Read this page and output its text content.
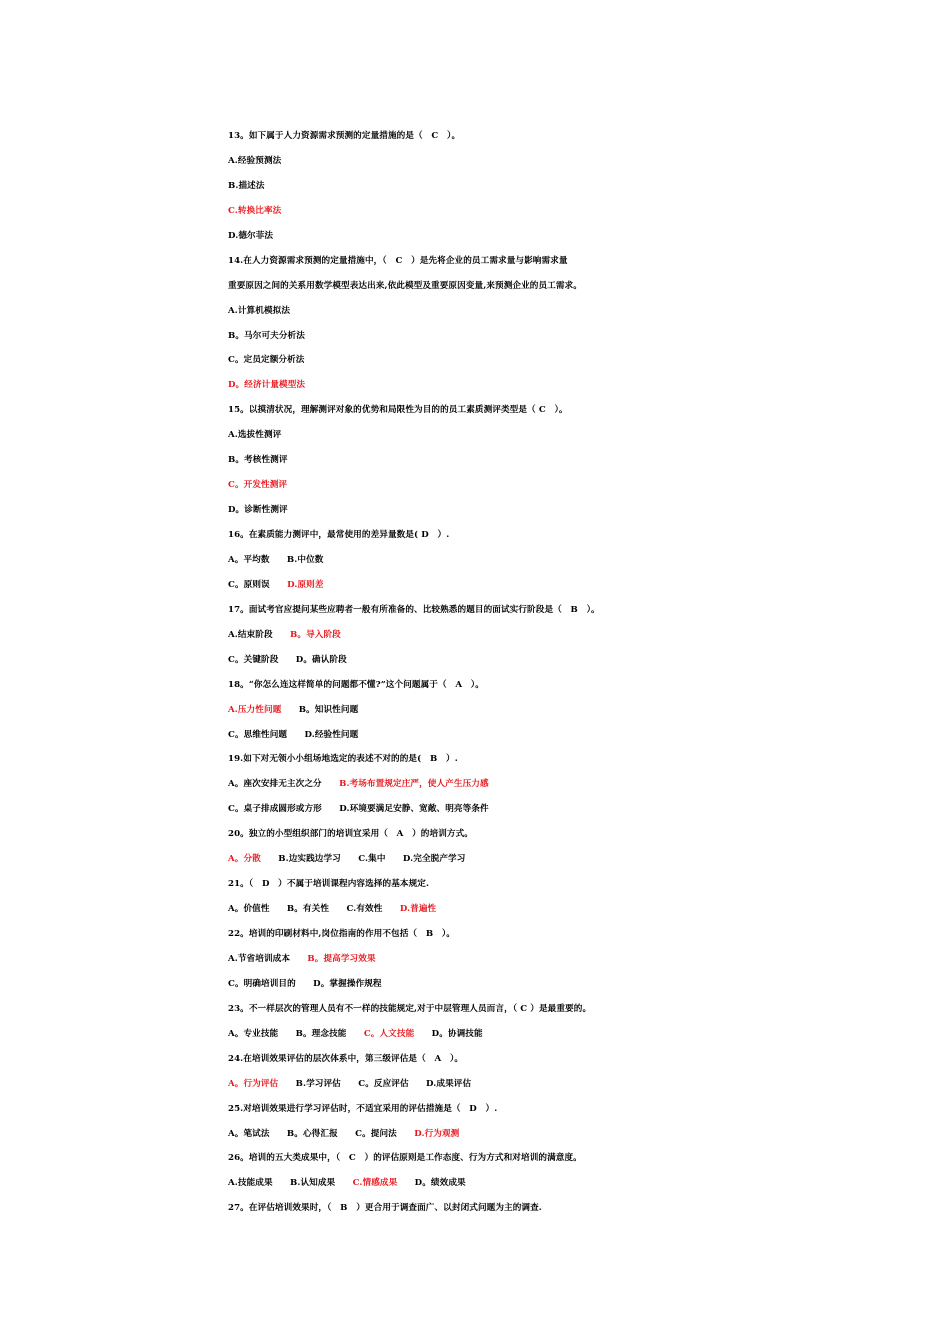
13。如下属于人力资源需求预测的定量措施的是（　C　）。
A.经验预测法
B.描述法
C.转换比率法
D.德尔菲法
14.在人力资源需求预测的定量措施中，（　C　）是先将企业的员工需求量与影响需求量
重要原因之间的关系用数学模型表达出来,依此模型及重要原因变量,来预测企业的员工需求。
A.计算机模拟法
B。马尔可夫分析法
C。定员定额分析法
D。经济计量模型法
15。以摸清状况，理解测评对象的优势和局限性为目的的员工素质测评类型是（ C　）。
A.选拔性测评
B。考核性测评
C。开发性测评
D。诊断性测评
16。在素质能力测评中，最常使用的差异量数是( D　）.
A。平均数　　B.中位数
C。原则误　　D.原则差
17。面试考官应提问某些应聘者一般有所准备的、比较熟悉的题目的面试实行阶段是（　B　）。
A.结束阶段　　B。导入阶段
C。关键阶段　　D。确认阶段
18。“你怎么连这样简单的问题都不懂?”这个问题属于（　A　）。
A.压力性问题　　B。知识性问题
C。思维性问题　　D.经验性问题
19.如下对无领小小组场地选定的表述不对的的是(　B　）.
A。座次安排无主次之分　　B.考场布置规定庄严，使人产生压力感
C。桌子排成圆形或方形　　D.环境要满足安静、宽敞、明亮等条件
20。独立的小型组织部门的培训宜采用（　A　）的培训方式。
A。分散　　B.边实践边学习　　C.集中　　D.完全脱产学习
21。（　D　）不属于培训课程内容选择的基本规定.
A。价值性　　B。有关性　　C.有效性　　D.普遍性
22。培训的印刷材料中,岗位指南的作用不包括（　B　）。
A.节省培训成本　　B。提高学习效果
C。明确培训目的　　D。掌握操作规程
23。不一样层次的管理人员有不一样的技能规定,对于中层管理人员而言，（ C ）是最重要的。
A。专业技能　　B。理念技能　　C。人文技能　　D。协调技能
24.在培训效果评估的层次体系中，第三级评估是（　A　）。
A。行为评估　　B.学习评估　　C。反应评估　　D.成果评估
25.对培训效果进行学习评估时，不适宜采用的评估措施是（　D　）.
A。笔试法　　B。心得汇报　　C。提问法　　D.行为观测
26。培训的五大类成果中，（　C　）的评估原则是工作态度、行为方式和对培训的满意度。
A.技能成果　　B.认知成果　　C.情感成果　　D。绩效成果
27。在评估培训效果时，（　B　）更合用于调查面广、以封闭式问题为主的调查.
